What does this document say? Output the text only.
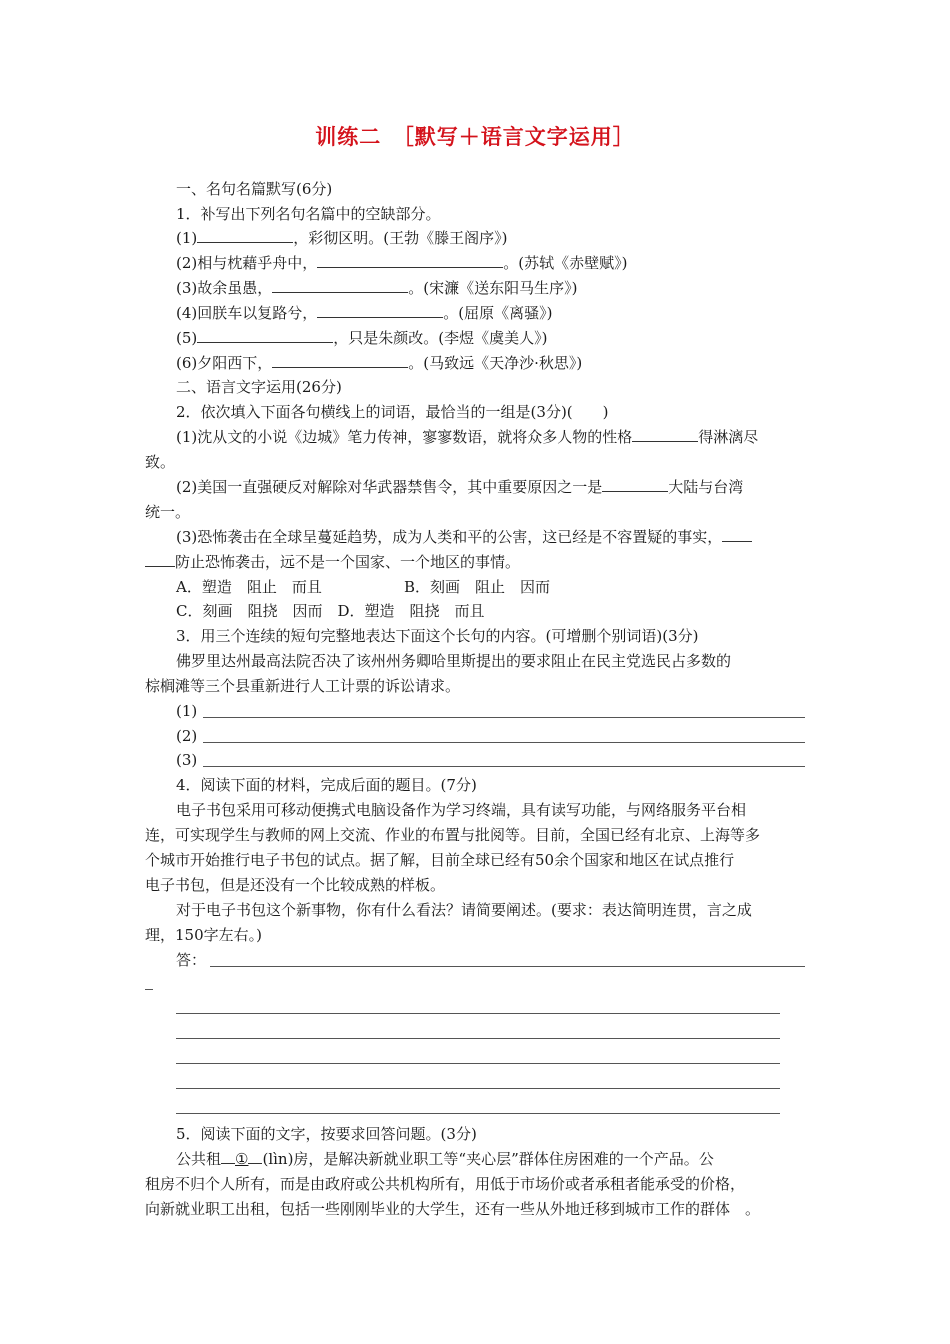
训练二　［默写＋语言文字运用］
一、名句名篇默写(6分)
1．补写出下列名句名篇中的空缺部分。
(1)	，彩彻区明。(王勃《滕王阁序》)
(2)相与枕藉乎舟中，	。(苏轼《赤壁赋》)
(3)故余虽愚，	。(宋濂《送东阳马生序》)
(4)回朕车以复路兮，	。(屈原《离骚》)
(5)	，只是朱颜改。(李煜《虞美人》)
(6)夕阳西下，	。(马致远《天净沙·秋思》)
二、语言文字运用(26分)
2．依次填入下面各句横线上的词语，最恰当的一组是(3分)(　　)
(1)沈从文的小说《边城》笔力传神，寥寥数语，就将众多人物的性格	得淋漓尽
致。
(2)美国一直强硬反对解除对华武器禁售令，其中重要原因之一是	大陆与台湾
统一。
(3)恐怖袭击在全球呈蔓延趋势，成为人类和平的公害，这已经是不容置疑的事实，
防止恐怖袭击，远不是一个国家、一个地区的事情。
A．塑造　阻止　而且	B．刻画　阻止　因而
C．刻画　阻挠　因而　D．塑造　阻挠　而且
3．用三个连续的短句完整地表达下面这个长句的内容。(可增删个别词语)(3分)
佛罗里达州最高法院否决了该州州务卿哈里斯提出的要求阻止在民主党选民占多数的
棕榈滩等三个县重新进行人工计票的诉讼请求。
(1)
(2)
(3)
4．阅读下面的材料，完成后面的题目。(7分)
电子书包采用可移动便携式电脑设备作为学习终端，具有读写功能，与网络服务平台相
连，可实现学生与教师的网上交流、作业的布置与批阅等。目前，全国已经有北京、上海等多
个城市开始推行电子书包的试点。据了解，目前全球已经有50余个国家和地区在试点推行
电子书包，但是还没有一个比较成熟的样板。
对于电子书包这个新事物，你有什么看法？请简要阐述。(要求：表达简明连贯，言之成
理，150字左右。)
答：
5．阅读下面的文字，按要求回答问题。(3分)
公共租 ① (lìn)房，是解决新就业职工等“夹心层”群体住房困难的一个产品。公
租房不归个人所有，而是由政府或公共机构所有，用低于市场价或者承租者能承受的价格，
向新就业职工出租，包括一些刚刚毕业的大学生，还有一些从外地迁移到城市工作的群体　。
